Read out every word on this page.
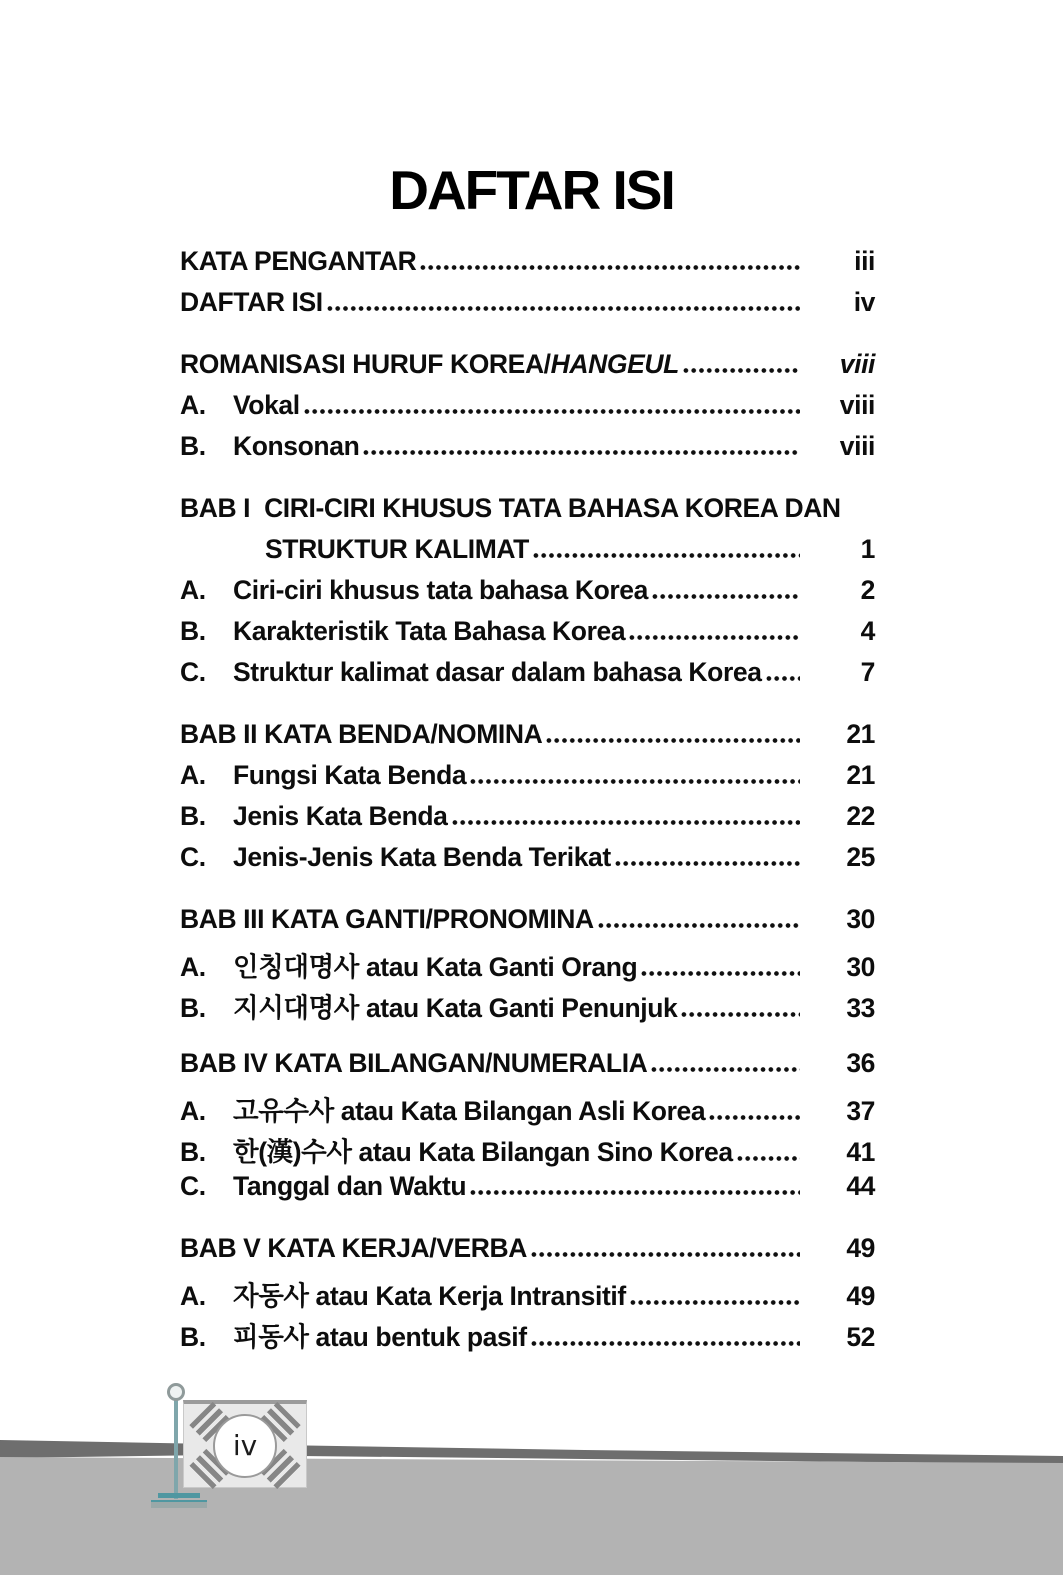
DAFTAR ISI
KATA PENGANTAR	iii
DAFTAR ISI	iv
ROMANISASI HURUF KOREA/ HANGEUL	viii
A.	Vokal	viii
B.	Konsonan	viii
BAB I  CIRI-CIRI KHUSUS TATA BAHASA KOREA DAN
STRUKTUR KALIMAT	1
A.	Ciri-ciri khusus tata bahasa Korea	2
B.	Karakteristik Tata Bahasa Korea	4
C.	Struktur kalimat dasar dalam bahasa Korea	7
BAB II KATA BENDA/NOMINA	21
A.	Fungsi Kata Benda	21
B.	Jenis Kata Benda	22
C.	Jenis-Jenis Kata Benda Terikat	25
BAB III KATA GANTI/PRONOMINA	30
A.	인칭대명사 atau Kata Ganti Orang	30
B.	지시대명사 atau Kata Ganti Penunjuk	33
BAB IV KATA BILANGAN/NUMERALIA	36
A.	고유수사 atau Kata Bilangan Asli Korea	37
B.	한(漢)수사 atau Kata Bilangan Sino Korea	41
C.	Tanggal dan Waktu	44
BAB V KATA KERJA/VERBA	49
A.	자동사 atau Kata Kerja Intransitif	49
B.	피동사 atau bentuk pasif	52
iv
